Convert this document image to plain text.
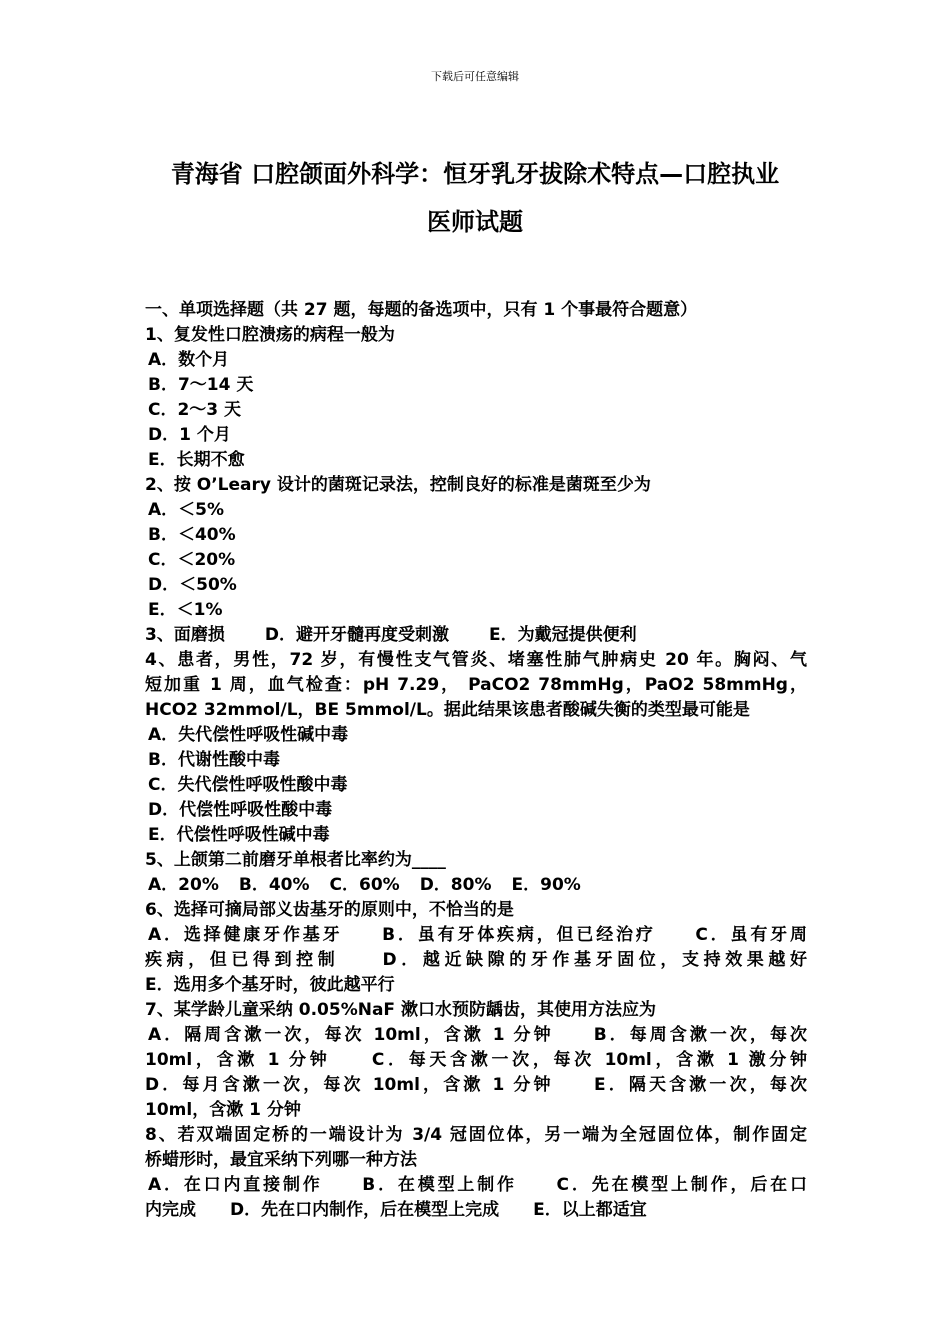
下载后可任意编辑
青海省 口腔颌面外科学：恒牙乳牙拔除术特点—口腔执业
医师试题
一、单项选择题（共 27 题，每题的备选项中，只有 1 个事最符合题意）
1、复发性口腔溃疡的病程一般为
A．数个月
B．7～14 天
C．2～3 天
D．1 个月
E．长期不愈
2、按 O’Leary 设计的菌斑记录法，控制良好的标准是菌斑至少为
A．＜5%
B．＜40%
C．＜20%
D．＜50%
E．＜1%
3、面磨损 D．避开牙髓再度受刺激 E．为戴冠提供便利
4、患者，男性，72 岁，有慢性支气管炎、堵塞性肺气肿病史 20 年。胸闷、气
短加重 1 周，血气检查：pH 7.29， PaCO2 78mmHg，PaO2 58mmHg，
HCO2 32mmol/L，BE 5mmol/L。据此结果该患者酸碱失衡的类型最可能是
A．失代偿性呼吸性碱中毒
B．代谢性酸中毒
C．失代偿性呼吸性酸中毒
D．代偿性呼吸性酸中毒
E．代偿性呼吸性碱中毒
5、上颌第二前磨牙单根者比率约为____
A．20% B．40% C．60% D．80% E．90%
6、选择可摘局部义齿基牙的原则中，不恰当的是
A．选择健康牙作基牙　　B．虽有牙体疾病，但已经治疗　　C．虽有牙周
疾病，但已得到控制　　D．越近缺隙的牙作基牙固位，支持效果越好
E．选用多个基牙时，彼此越平行
7、某学龄儿童采纳 0.05%NaF 漱口水预防龋齿，其使用方法应为
A．隔周含漱一次，每次 10ml，含漱 1 分钟　　B．每周含漱一次，每次
10ml，含漱 1 分钟　　C．每天含漱一次，每次 10ml，含漱 1 激分钟
D．每月含漱一次，每次 10ml，含漱 1 分钟　　E．隔天含漱一次，每次
10ml，含漱 1 分钟
8、若双端固定桥的一端设计为 3/4 冠固位体，另一端为全冠固位体，制作固定
桥蜡形时，最宜采纳下列哪一种方法
A．在口内直接制作　　B．在模型上制作　　C．先在模型上制作，后在口
内完成　　D．先在口内制作，后在模型上完成　　E．以上都适宜
